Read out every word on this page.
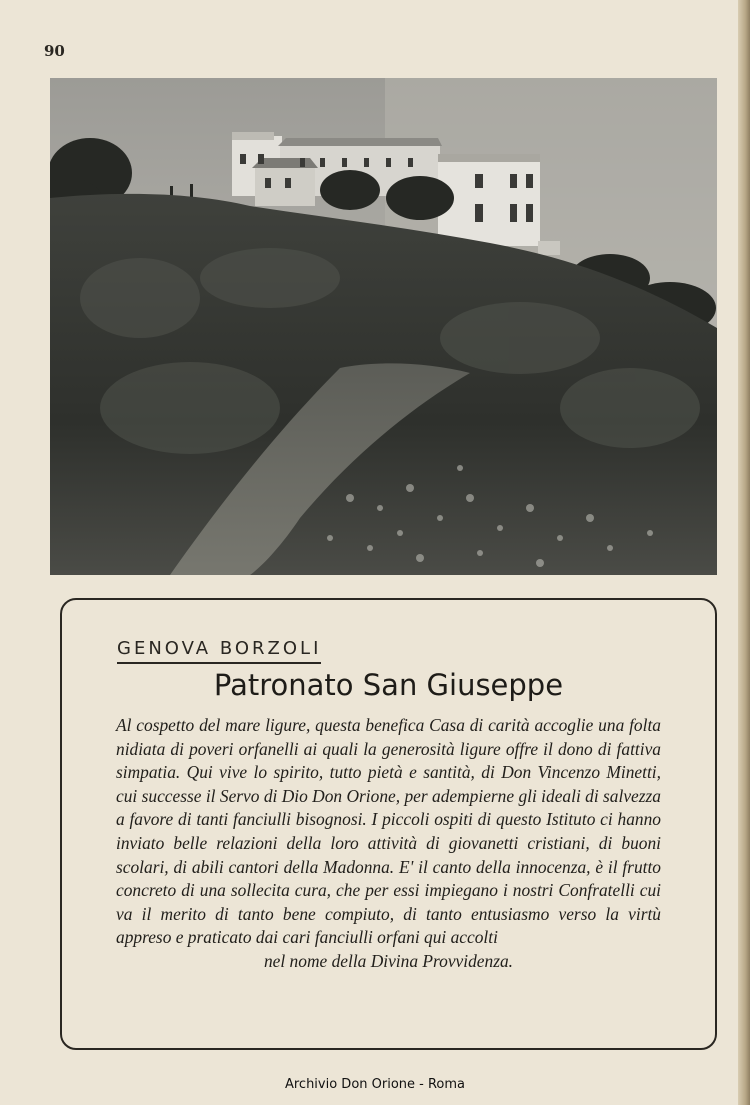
90
GENOVA BORZOLI
Patronato San Giuseppe
Al cospetto del mare ligure, questa benefica Casa di carità accoglie una folta nidiata di poveri orfanelli ai quali la generosità ligure offre il dono di fattiva simpatia. Qui vive lo spirito, tutto pietà e santità, di Don Vincenzo Minetti, cui successe il Servo di Dio Don Orione, per adempierne gli ideali di salvezza a favore di tanti fanciulli bisognosi. I piccoli ospiti di questo Istituto ci hanno inviato belle relazioni della loro attività di giovanetti cristiani, di buoni scolari, di abili cantori della Madonna. E' il canto della innocenza, è il frutto concreto di una sollecita cura, che per essi impiegano i nostri Confratelli cui va il merito di tanto bene compiuto, di tanto entusiasmo verso la virtù appreso e praticato dai cari fanciulli orfani qui accolti
nel nome della Divina Provvidenza.
Archivio Don Orione - Roma
